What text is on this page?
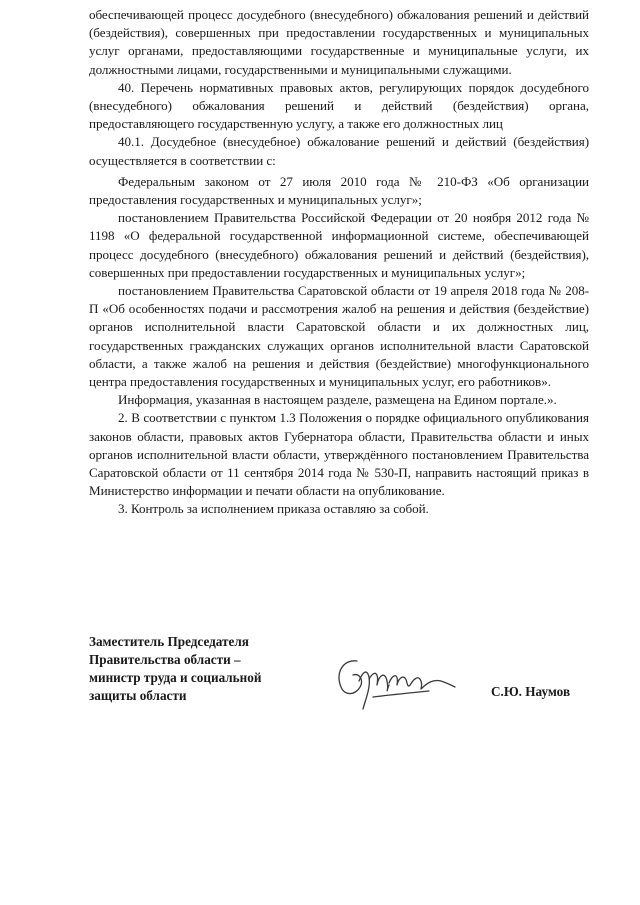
обеспечивающей процесс досудебного (внесудебного) обжалования решений и действий (бездействия), совершенных при предоставлении государственных и муниципальных услуг органами, предоставляющими государственные и муниципальные услуги, их должностными лицами, государственными и муниципальными служащими.

40. Перечень нормативных правовых актов, регулирующих порядок досудебного (внесудебного) обжалования решений и действий (бездействия) органа, предоставляющего государственную услугу, а также его должностных лиц

40.1. Досудебное (внесудебное) обжалование решений и действий (бездействия) осуществляется в соответствии с:

Федеральным законом от 27 июля 2010 года № 210-ФЗ «Об организации предоставления государственных и муниципальных услуг»;

постановлением Правительства Российской Федерации от 20 ноября 2012 года № 1198 «О федеральной государственной информационной системе, обеспечивающей процесс досудебного (внесудебного) обжалования решений и действий (бездействия), совершенных при предоставлении государственных и муниципальных услуг»;

постановлением Правительства Саратовской области от 19 апреля 2018 года № 208-П «Об особенностях подачи и рассмотрения жалоб на решения и действия (бездействие) органов исполнительной власти Саратовской области и их должностных лиц, государственных гражданских служащих органов исполнительной власти Саратовской области, а также жалоб на решения и действия (бездействие) многофункционального центра предоставления государственных и муниципальных услуг, его работников».

Информация, указанная в настоящем разделе, размещена на Едином портале.».

2. В соответствии с пунктом 1.3 Положения о порядке официального опубликования законов области, правовых актов Губернатора области, Правительства области и иных органов исполнительной власти области, утверждённого постановлением Правительства Саратовской области от 11 сентября 2014 года № 530-П, направить настоящий приказ в Министерство информации и печати области на опубликование.

3. Контроль за исполнением приказа оставляю за собой.

Заместитель Председателя
Правительства области –
министр труда и социальной
защиты области	С.Ю. Наумов
